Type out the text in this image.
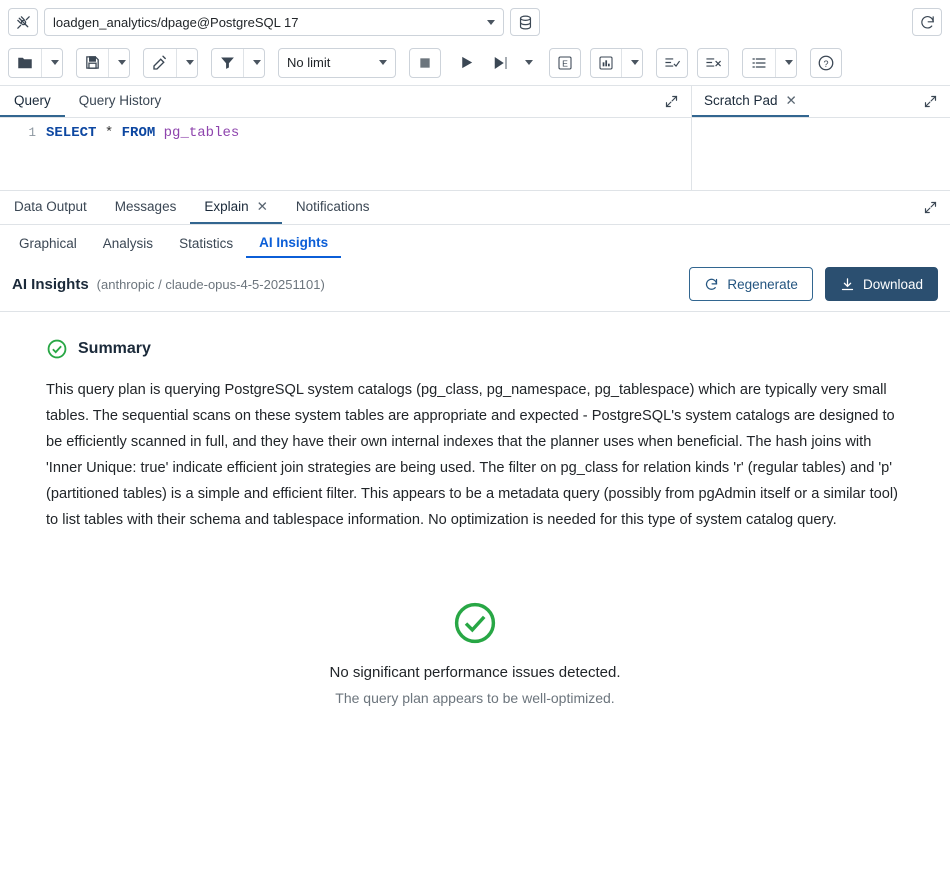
loadgen_analytics/dpage@PostgreSQL 17
No limit	E	?
Query Query History
1 SELECT * FROM pg_tables
Scratch Pad ✕
Data Output Messages Explain ✕ Notifications
Graphical Analysis Statistics AI Insights
AI Insights (anthropic / claude-opus-4-5-20251101)	Regenerate	Download
Summary
This query plan is querying PostgreSQL system catalogs (pg_class, pg_namespace, pg_tablespace) which are typically very small tables. The sequential scans on these system tables are appropriate and expected - PostgreSQL's system catalogs are designed to be efficiently scanned in full, and they have their own internal indexes that the planner uses when beneficial. The hash joins with 'Inner Unique: true' indicate efficient join strategies are being used. The filter on pg_class for relation kinds 'r' (regular tables) and 'p' (partitioned tables) is a simple and efficient filter. This appears to be a metadata query (possibly from pgAdmin itself or a similar tool) to list tables with their schema and tablespace information. No optimization is needed for this type of system catalog query.
No significant performance issues detected.
The query plan appears to be well-optimized.
